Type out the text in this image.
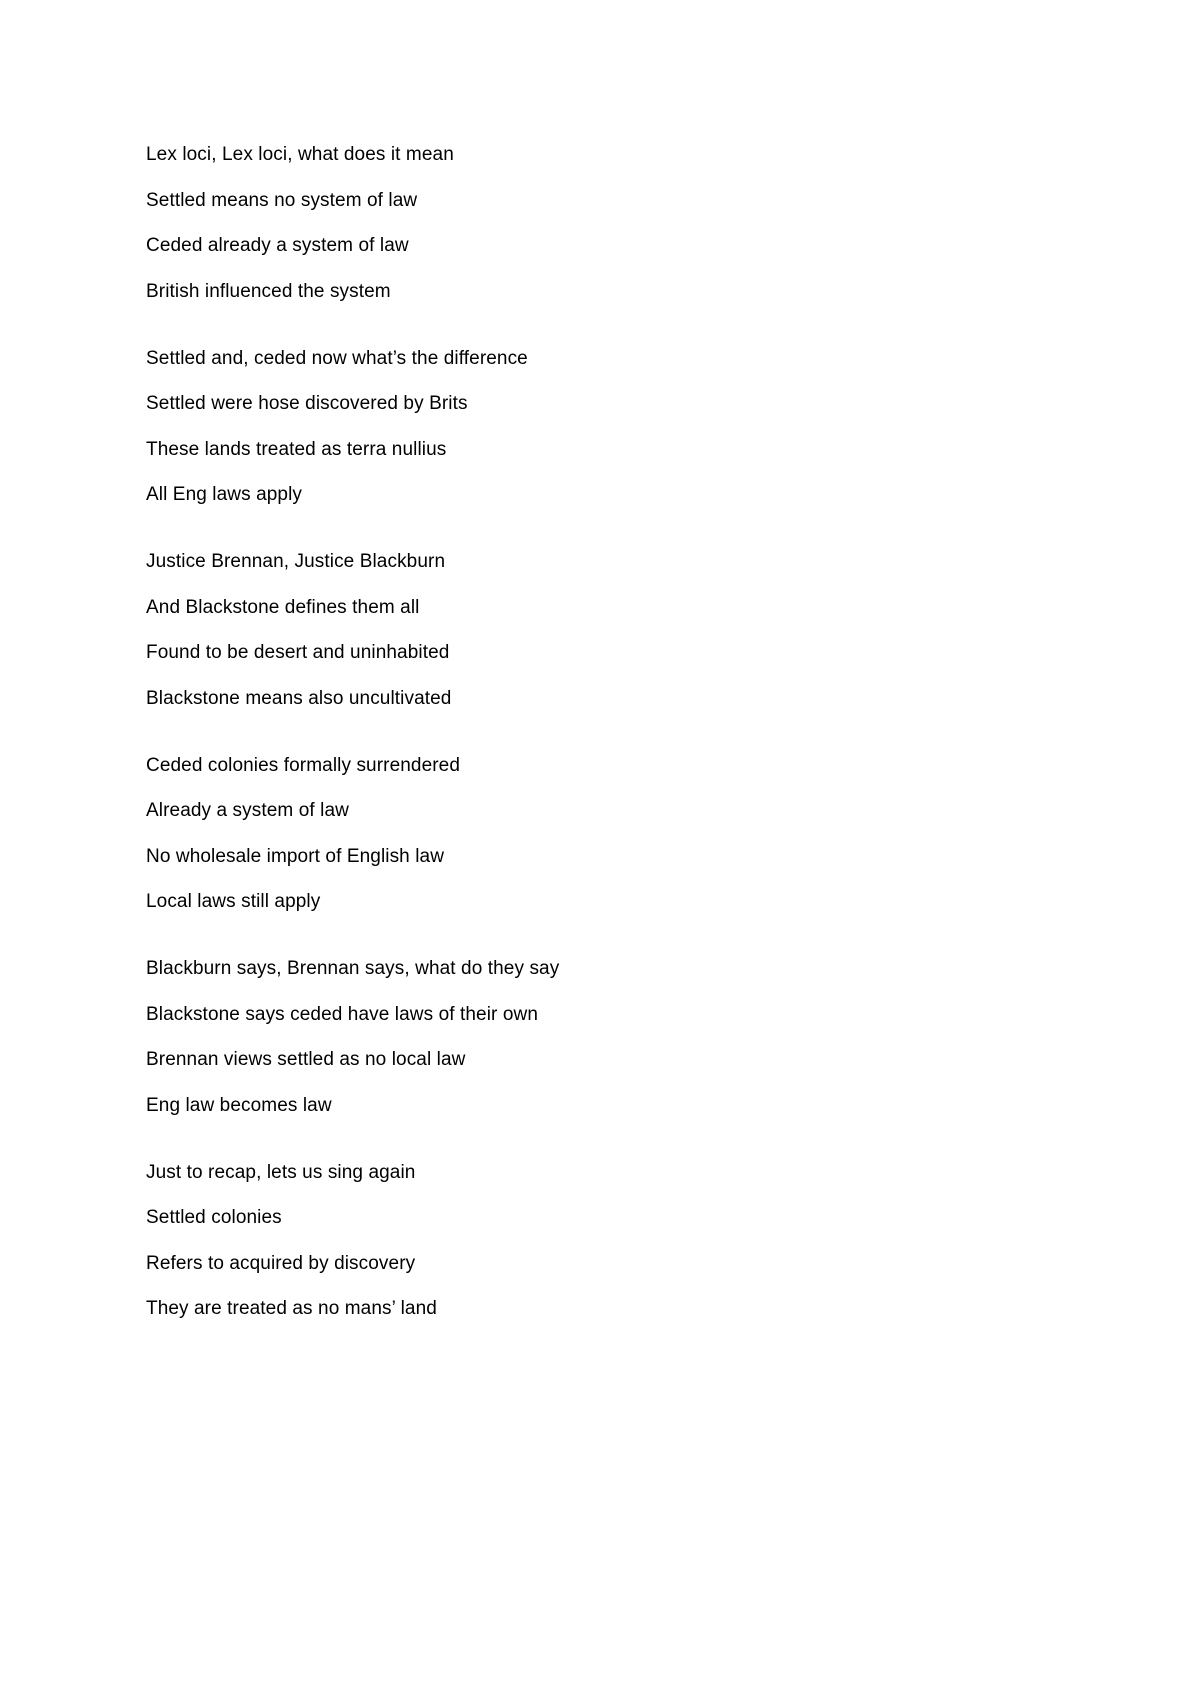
Lex loci, Lex loci, what does it mean
Settled means no system of law
Ceded already a system of law
British influenced the system
Settled and, ceded now what’s the difference
Settled were hose discovered by Brits
These lands treated as terra nullius
All Eng laws apply
Justice Brennan, Justice Blackburn
And Blackstone defines them all
Found to be desert and uninhabited
Blackstone means also uncultivated
Ceded colonies formally surrendered
Already a system of law
No wholesale import of English law
Local laws still apply
Blackburn says, Brennan says, what do they say
Blackstone says ceded have laws of their own
Brennan views settled as no local law
Eng law becomes law
Just to recap, lets us sing again
Settled colonies
Refers to acquired by discovery
They are treated as no mans’ land
